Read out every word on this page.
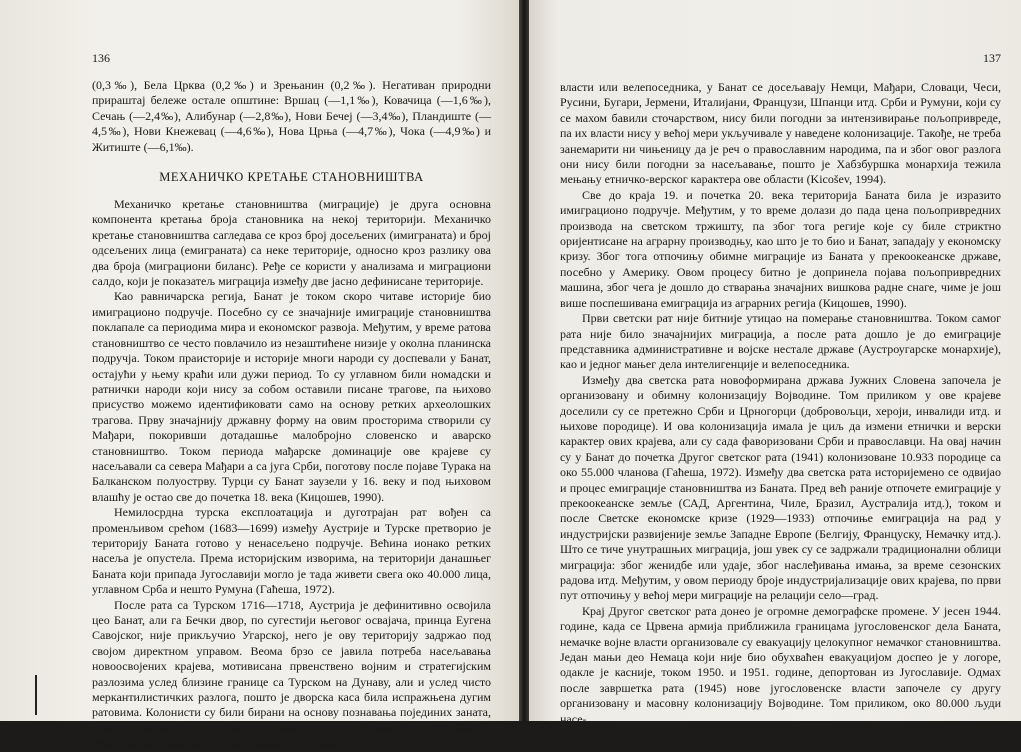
136

(0,3‰), Бела Црква (0,2‰) и Зрењанин (0,2‰). Негативан природни прираштај бележе остале општине: Вршац (—1,1‰), Ковачица (—1,6‰), Сечањ (—2,4‰), Алибунар (—2,8‰), Нови Бечеј (—3,4‰), Пландиште (—4,5‰), Нови Кнежевац (—4,6‰), Нова Црња (—4,7‰), Чока (—4,9‰) и Житиште (—6,1‰).

МЕХАНИЧКО КРЕТАЊЕ СТАНОВНИШТВА

Механичко кретање становништва (миграције) је друга основна компонента кретања броја становника на некој територији. Механичко кретање становништва сагледава се кроз број досељених (имиграната) и број одсељених лица (емиграната) са неке територије, односно кроз разлику ова два броја (миграциони биланс). Ређе се користи у анализама и миграциони салдо, који је показатељ миграција између две јасно дефинисане територије.

Као равничарска регија, Банат је током скоро читаве историје био имиграционо подручје. Посебно су се значајније имиграције становништва поклапале са периодима мира и економског развоја. Међутим, у време ратова становништво се често повлачило из незаштићене низије у околна планинска подручја. Током праисторије и историје многи народи су доспевали у Банат, остајући у њему краћи или дужи период. То су углавном били номадски и ратнички народи који нису за собом оставили писане трагове, па њихово присуство можемо идентификовати само на основу ретких археолошких трагова. Прву значајнију државну форму на овим просторима створили су Мађари, покоривши дотадашње малобројно словенско и аварско становништво. Током периода мађарске доминације ове крајеве су насељавали са севера Мађари а са југа Срби, поготову после појаве Турака на Балканском полуострву. Турци су Банат заузели у 16. веку и под њиховом влашћу је остао све до почетка 18. века (Кицошев, 1990).

Немилосрдна турска експлоатација и дуготрајан рат вођен са променљивом срећом (1683—1699) између Аустрије и Турске претворио је територију Баната готово у ненасељено подручје. Већина ионако ретких насеља је опустела. Према историјским изворима, на територији данашњег Баната који припада Југославији могло је тада живети свега око 40.000 лица, углавном Срба и нешто Румуна (Гаћеша, 1972).

После рата са Турском 1716—1718, Аустрија је дефинитивно освојила цео Банат, али га Бечки двор, по сугестији његовог освајача, принца Еугена Савојског, није прикључио Угарској, него је ову територију задржао под својом директном управом. Веома брзо се јавила потреба насељавања новоосвојених крајева, мотивисана првенствено војним и стратегијским разлозима услед близине границе са Турском на Дунаву, али и услед чисто меркантилистичких разлога, пошто је дворска каса била испражњена дугим ратовима. Колонисти су били бирани на основу познавања појединих занатa, односно вичности пољопривреди или рударству. Током 18. и 19. века, у неколико колонизација организованих од стране

137

власти или велепоседника, у Банат се досељавају Немци, Мађари, Словаци, Чеси, Русини, Бугари, Јермени, Италијани, Французи, Шпанци итд. Срби и Румуни, који су се махом бавили сточарством, нису били погодни за интензивирање пољопривреде, па их власти нису у већој мери укључивале у наведене колонизације. Такође, не треба занемарити ни чињеницу да је реч о православним народима, па и због овог разлога они нису били погодни за насељавање, пошто је Хабзбуршка монархија тежила мењању етничко-верског карактера ове области (Kicošev, 1994).

Све до краја 19. и почетка 20. века територија Баната била је изразито имиграционо подручје. Међутим, у то време долази до пада цена пољопривредних производа на светском тржишту, па због тога регије које су биле стриктно оријентисане на аграрну производњу, као што је то био и Банат, западају у економску кризу. Због тога отпочињу обимне миграције из Баната у прекоокеанске државе, посебно у Америку. Овом процесу битно је допринела појава пољопривредних машина, због чега је дошло до стварања значајних вишкова радне снаге, чиме је још више поспешивана емиграција из аграрних регија (Кицошев, 1990).

Први светски рат није битније утицао на померање становништва. Током самог рата није било значајнијих миграција, а после рата дошло је до емиграције представника административне и војске нестале државе (Аустроугарске монархије), као и једног мањег дела интелигенције и велепоседника.

Између два светска рата новоформирана држава Јужних Словена започела је организовану и обимну колонизацију Војводине. Том приликом у ове крајеве доселили су се претежно Срби и Црногорци (добровољци, хероји, инвалиди итд. и њихове породице). И ова колонизација имала је циљ да измени етнички и верски карактер ових крајева, али су сада фаворизовани Срби и православци. На овај начин су у Банат до почетка Другог светског рата (1941) колонизоване 10.933 породице са око 55.000 чланова (Гаћеша, 1972). Између два светска рата историјемено се одвијао и процес емиграције становништва из Баната. Пред већ раније отпочете емиграције у прекоокеанске земље (САД, Аргентина, Чиле, Бразил, Аустралија итд.), током и после Светске економске кризе (1929—1933) отпочиње емиграција на рад у индустријски развијеније земље Западне Европе (Белгију, Француску, Немачку итд.). Што се тиче унутрашњих миграција, још увек су се задржали традиционални облици миграција: због женидбе или удаје, због наслеђивања имања, за време сезонских радова итд. Међутим, у овом периоду броје индустријализације ових крајева, по први пут отпочињу у већој мери миграције на релацији село—град.

Крај Другог светског рата донео је огромне демографске промене. У јесен 1944. године, када се Црвена армија приближила границама југословенског дела Баната, немачке војне власти организовале су евакуацију целокупног немачког становништва. Један мањи део Немаца који није био обухваћен евакуацијом доспео је у логоре, одакле је касније, током 1950. и 1951. године, депортован из Југославије. Одмах после завршетка рата (1945) нове југословенске власти започеле су другу организовану и масовну колонизацију Војводине. Том приликом, око 80.000 људи насе-
